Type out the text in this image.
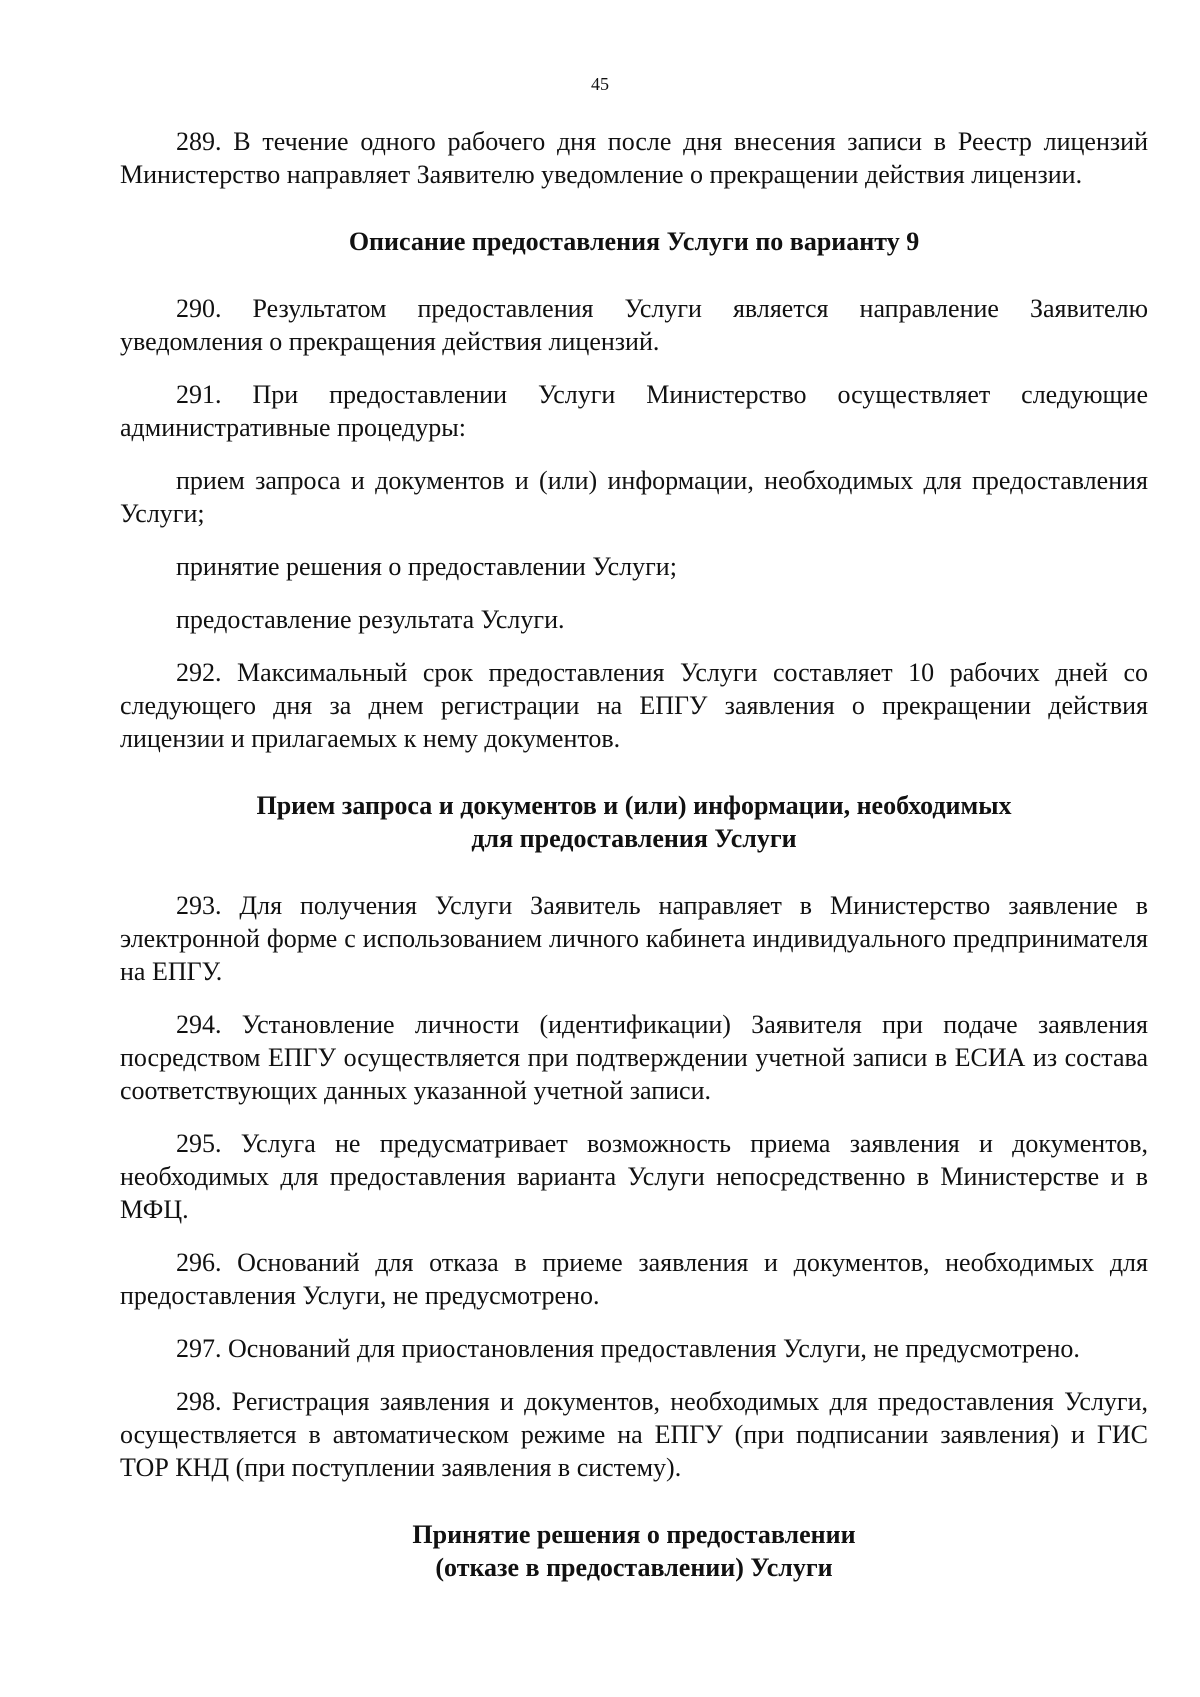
45

289. В течение одного рабочего дня после дня внесения записи в Реестр лицензий Министерство направляет Заявителю уведомление о прекращении действия лицензии.

Описание предоставления Услуги по варианту 9

290. Результатом предоставления Услуги является направление Заявителю уведомления о прекращения действия лицензий.

291. При предоставлении Услуги Министерство осуществляет следующие административные процедуры:

прием запроса и документов и (или) информации, необходимых для предоставления Услуги;

принятие решения о предоставлении Услуги;

предоставление результата Услуги.

292. Максимальный срок предоставления Услуги составляет 10 рабочих дней со следующего дня за днем регистрации на ЕПГУ заявления о прекращении действия лицензии и прилагаемых к нему документов.

Прием запроса и документов и (или) информации, необходимых
для предоставления Услуги

293. Для получения Услуги Заявитель направляет в Министерство заявление в электронной форме с использованием личного кабинета индивидуального предпринимателя на ЕПГУ.

294. Установление личности (идентификации) Заявителя при подаче заявления посредством ЕПГУ осуществляется при подтверждении учетной записи в ЕСИА из состава соответствующих данных указанной учетной записи.

295. Услуга не предусматривает возможность приема заявления и документов, необходимых для предоставления варианта Услуги непосредственно в Министерстве и в МФЦ.

296. Оснований для отказа в приеме заявления и документов, необходимых для предоставления Услуги, не предусмотрено.

297. Оснований для приостановления предоставления Услуги, не предусмотрено.

298. Регистрация заявления и документов, необходимых для предоставления Услуги, осуществляется в автоматическом режиме на ЕПГУ (при подписании заявления) и ГИС ТОР КНД (при поступлении заявления в систему).

Принятие решения о предоставлении
(отказе в предоставлении) Услуги
